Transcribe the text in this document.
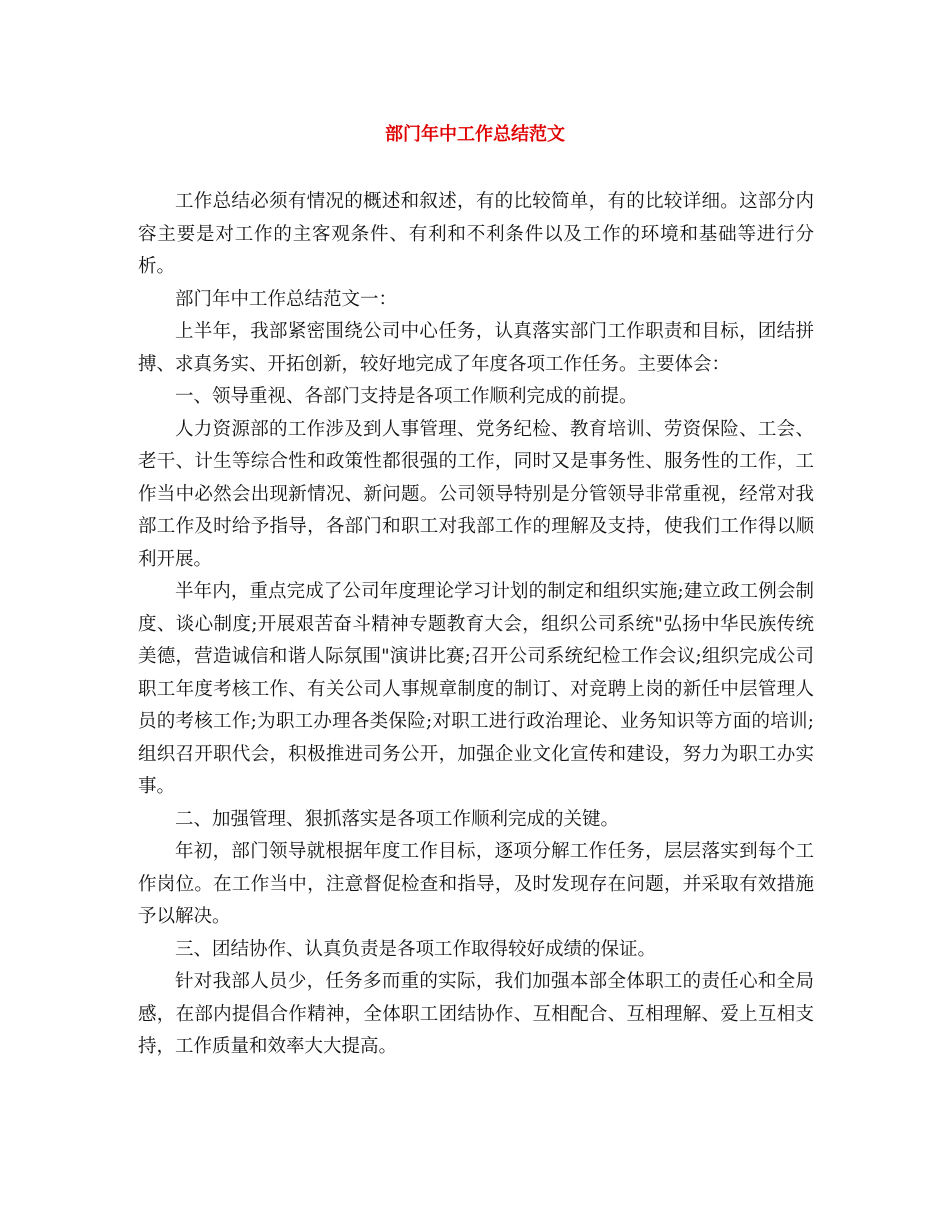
部门年中工作总结范文

工作总结必须有情况的概述和叙述，有的比较简单，有的比较详细。这部分内容主要是对工作的主客观条件、有利和不利条件以及工作的环境和基础等进行分析。

部门年中工作总结范文一：

上半年，我部紧密围绕公司中心任务，认真落实部门工作职责和目标，团结拼搏、求真务实、开拓创新，较好地完成了年度各项工作任务。主要体会：

一、领导重视、各部门支持是各项工作顺利完成的前提。

人力资源部的工作涉及到人事管理、党务纪检、教育培训、劳资保险、工会、老干、计生等综合性和政策性都很强的工作，同时又是事务性、服务性的工作，工作当中必然会出现新情况、新问题。公司领导特别是分管领导非常重视，经常对我部工作及时给予指导，各部门和职工对我部工作的理解及支持，使我们工作得以顺利开展。

半年内，重点完成了公司年度理论学习计划的制定和组织实施;建立政工例会制度、谈心制度;开展艰苦奋斗精神专题教育大会，组织公司系统"弘扬中华民族传统美德，营造诚信和谐人际氛围"演讲比赛;召开公司系统纪检工作会议;组织完成公司职工年度考核工作、有关公司人事规章制度的制订、对竞聘上岗的新任中层管理人员的考核工作;为职工办理各类保险;对职工进行政治理论、业务知识等方面的培训;组织召开职代会，积极推进司务公开，加强企业文化宣传和建设，努力为职工办实事。

二、加强管理、狠抓落实是各项工作顺利完成的关键。

年初，部门领导就根据年度工作目标，逐项分解工作任务，层层落实到每个工作岗位。在工作当中，注意督促检查和指导，及时发现存在问题，并采取有效措施予以解决。

三、团结协作、认真负责是各项工作取得较好成绩的保证。

针对我部人员少，任务多而重的实际，我们加强本部全体职工的责任心和全局感，在部内提倡合作精神，全体职工团结协作、互相配合、互相理解、爱上互相支持，工作质量和效率大大提高。
